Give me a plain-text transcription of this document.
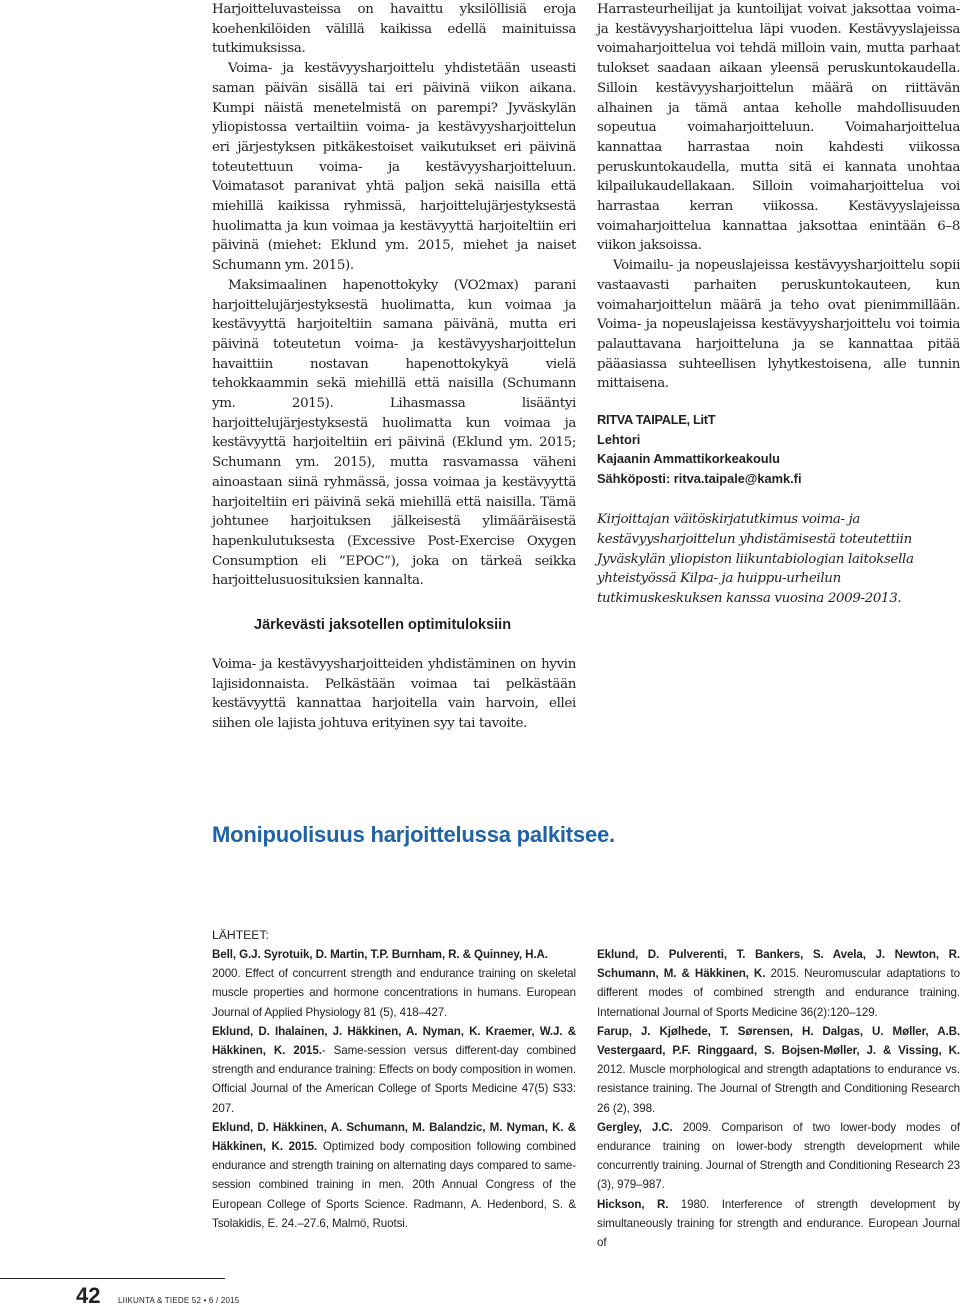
Harjoitteluvasteissa on havaittu yksilöllisiä eroja koehenkilöiden välillä kaikissa edellä mainituissa tutkimuksissa.

Voima- ja kestävyysharjoittelu yhdistetään useasti saman päivän sisällä tai eri päivinä viikon aikana. Kumpi näistä menetelmistä on parempi? Jyväskylän yliopistossa vertailtiin voima- ja kestävyysharjoittelun eri järjestyksen pitkäkestoiset vaikutukset eri päivinä toteutettuun voima- ja kestävyysharjoitteluun. Voimatasot paranivat yhtä paljon sekä naisilla että miehillä kaikissa ryhmissä, harjoittelujärjestyksestä huolimatta ja kun voimaa ja kestävyyttä harjoiteltiin eri päivinä (miehet: Eklund ym. 2015, miehet ja naiset Schumann ym. 2015).

Maksimaalinen hapenottokyky (VO2max) parani harjoittelujärjestyksestä huolimatta, kun voimaa ja kestävyyttä harjoiteltiin samana päivänä, mutta eri päivinä toteutetun voima- ja kestävyysharjoittelun havaittiin nostavan hapenottokykyä vielä tehokkaammin sekä miehillä että naisilla (Schumann ym. 2015). Lihasmassa lisääntyi harjoittelujärjestyksestä huolimatta kun voimaa ja kestävyyttä harjoiteltiin eri päivinä (Eklund ym. 2015; Schumann ym. 2015), mutta rasvamassa väheni ainoastaan siinä ryhmässä, jossa voimaa ja kestävyyttä harjoiteltiin eri päivinä sekä miehillä että naisilla. Tämä johtunee harjoituksen jälkeisestä ylimääräisestä hapenkulutuksesta (Excessive Post-Exercise Oxygen Consumption eli ”EPOC”), joka on tärkeä seikka harjoittelusuosituksien kannalta.

Järkevästi jaksotellen optimituloksiin

Voima- ja kestävyysharjoitteiden yhdistäminen on hyvin lajisidonnaista. Pelkästään voimaa tai pelkästään kestävyyttä kannattaa harjoitella vain harvoin, ellei siihen ole lajista johtuva erityinen syy tai tavoite.

Harrasteurheilijat ja kuntoilijat voivat jaksottaa voima- ja kestävyysharjoittelua läpi vuoden. Kestävyyslajeissa voimaharjoittelua voi tehdä milloin vain, mutta parhaat tulokset saadaan aikaan yleensä peruskuntokaudella. Silloin kestävyysharjoittelun määrä on riittävän alhainen ja tämä antaa keholle mahdollisuuden sopeutua voimaharjoitteluun. Voimaharjoittelua kannattaa harrastaa noin kahdesti viikossa peruskuntokaudella, mutta sitä ei kannata unohtaa kilpailukaudellakaan. Silloin voimaharjoittelua voi harrastaa kerran viikossa. Kestävyyslajeissa voimaharjoittelua kannattaa jaksottaa enintään 6–8 viikon jaksoissa.

Voimailu- ja nopeuslajeissa kestävyysharjoittelu sopii vastaavasti parhaiten peruskuntokauteen, kun voimaharjoittelun määrä ja teho ovat pienimmillään. Voima- ja nopeuslajeissa kestävyysharjoittelu voi toimia palauttavana harjoitteluna ja se kannattaa pitää pääasiassa suhteellisen lyhytkestoisena, alle tunnin mittaisena.

RITVA TAIPALE, LitT
Lehtori
Kajaanin Ammattikorkeakoulu
Sähköposti: ritva.taipale@kamk.fi

Kirjoittajan väitöskirjatutkimus voima- ja kestävyysharjoittelun yhdistämisestä toteutettiin Jyväskylän yliopiston liikuntabiologian laitoksella yhteistyössä Kilpa- ja huippu-urheilun tutkimuskeskuksen kanssa vuosina 2009-2013.

Monipuolisuus harjoittelussa palkitsee.

LÄHTEET:

Bell, G.J. Syrotuik, D. Martin, T.P. Burnham, R. & Quinney, H.A.
2000. Effect of concurrent strength and endurance training on skeletal muscle properties and hormone concentrations in humans. European Journal of Applied Physiology 81 (5), 418–427.

Eklund, D. Ihalainen, J. Häkkinen, A. Nyman, K. Kraemer, W.J. & Häkkinen, K. 2015.- Same-session versus different-day combined strength and endurance training: Effects on body composition in women. Official Journal of the American College of Sports Medicine 47(5) S33: 207.

Eklund, D. Häkkinen, A. Schumann, M. Balandzic, M. Nyman, K. & Häkkinen, K. 2015. Optimized body composition following combined endurance and strength training on alternating days compared to same-session combined training in men. 20th Annual Congress of the European College of Sports Science. Radmann, A. Hedenbord, S. & Tsolakidis, E. 24.–27.6, Malmö, Ruotsi.

Eklund, D. Pulverenti, T. Bankers, S. Avela, J. Newton, R. Schumann, M. & Häkkinen, K. 2015. Neuromuscular adaptations to different modes of combined strength and endurance training. International Journal of Sports Medicine 36(2):120–129.

Farup, J. Kjølhede, T. Sørensen, H. Dalgas, U. Møller, A.B. Vestergaard, P.F. Ringgaard, S. Bojsen-Møller, J. & Vissing, K. 2012. Muscle morphological and strength adaptations to endurance vs. resistance training. The Journal of Strength and Conditioning Research 26 (2), 398.

Gergley, J.C. 2009. Comparison of two lower-body modes of endurance training on lower-body strength development while concurrently training. Journal of Strength and Conditioning Research 23 (3), 979–987.

Hickson, R. 1980. Interference of strength development by simultaneously training for strength and endurance. European Journal of

42 LIIKUNTA & TIEDE 52 • 6 / 2015
